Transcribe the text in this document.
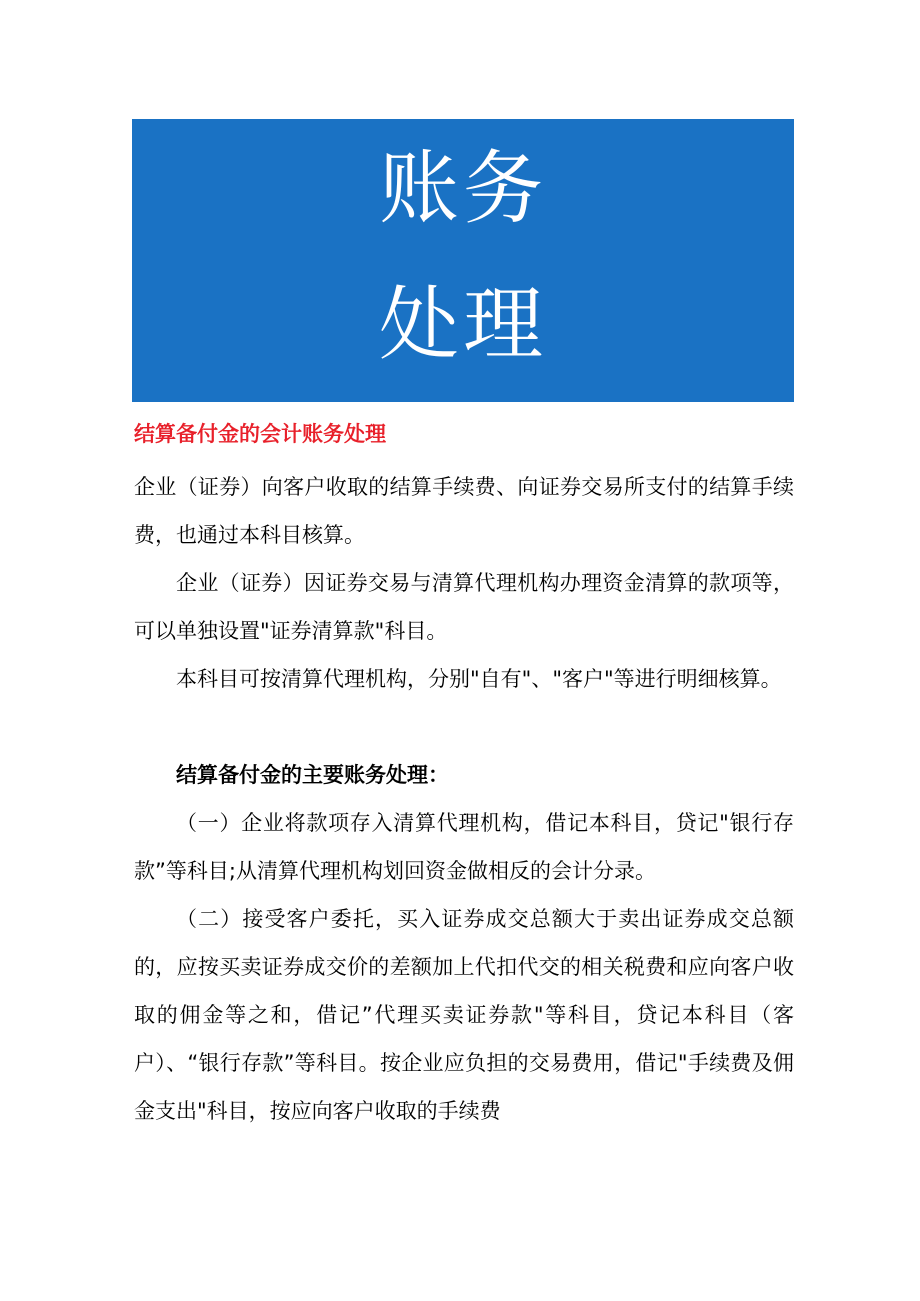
账务
处理
结算备付金的会计账务处理

企业（证券）向客户收取的结算手续费、向证券交易所支付的结算手续费，也通过本科目核算。

企业（证券）因证券交易与清算代理机构办理资金清算的款项等，可以单独设置"证券清算款"科目。

本科目可按清算代理机构，分别"自有"、"客户"等进行明细核算。

结算备付金的主要账务处理：

（一）企业将款项存入清算代理机构，借记本科目，贷记"银行存款”等科目;从清算代理机构划回资金做相反的会计分录。

（二）接受客户委托，买入证券成交总额大于卖出证券成交总额的，应按买卖证券成交价的差额加上代扣代交的相关税费和应向客户收取的佣金等之和，借记”代理买卖证券款"等科目，贷记本科目（客户）、“银行存款”等科目。按企业应负担的交易费用，借记"手续费及佣金支出"科目，按应向客户收取的手续费
